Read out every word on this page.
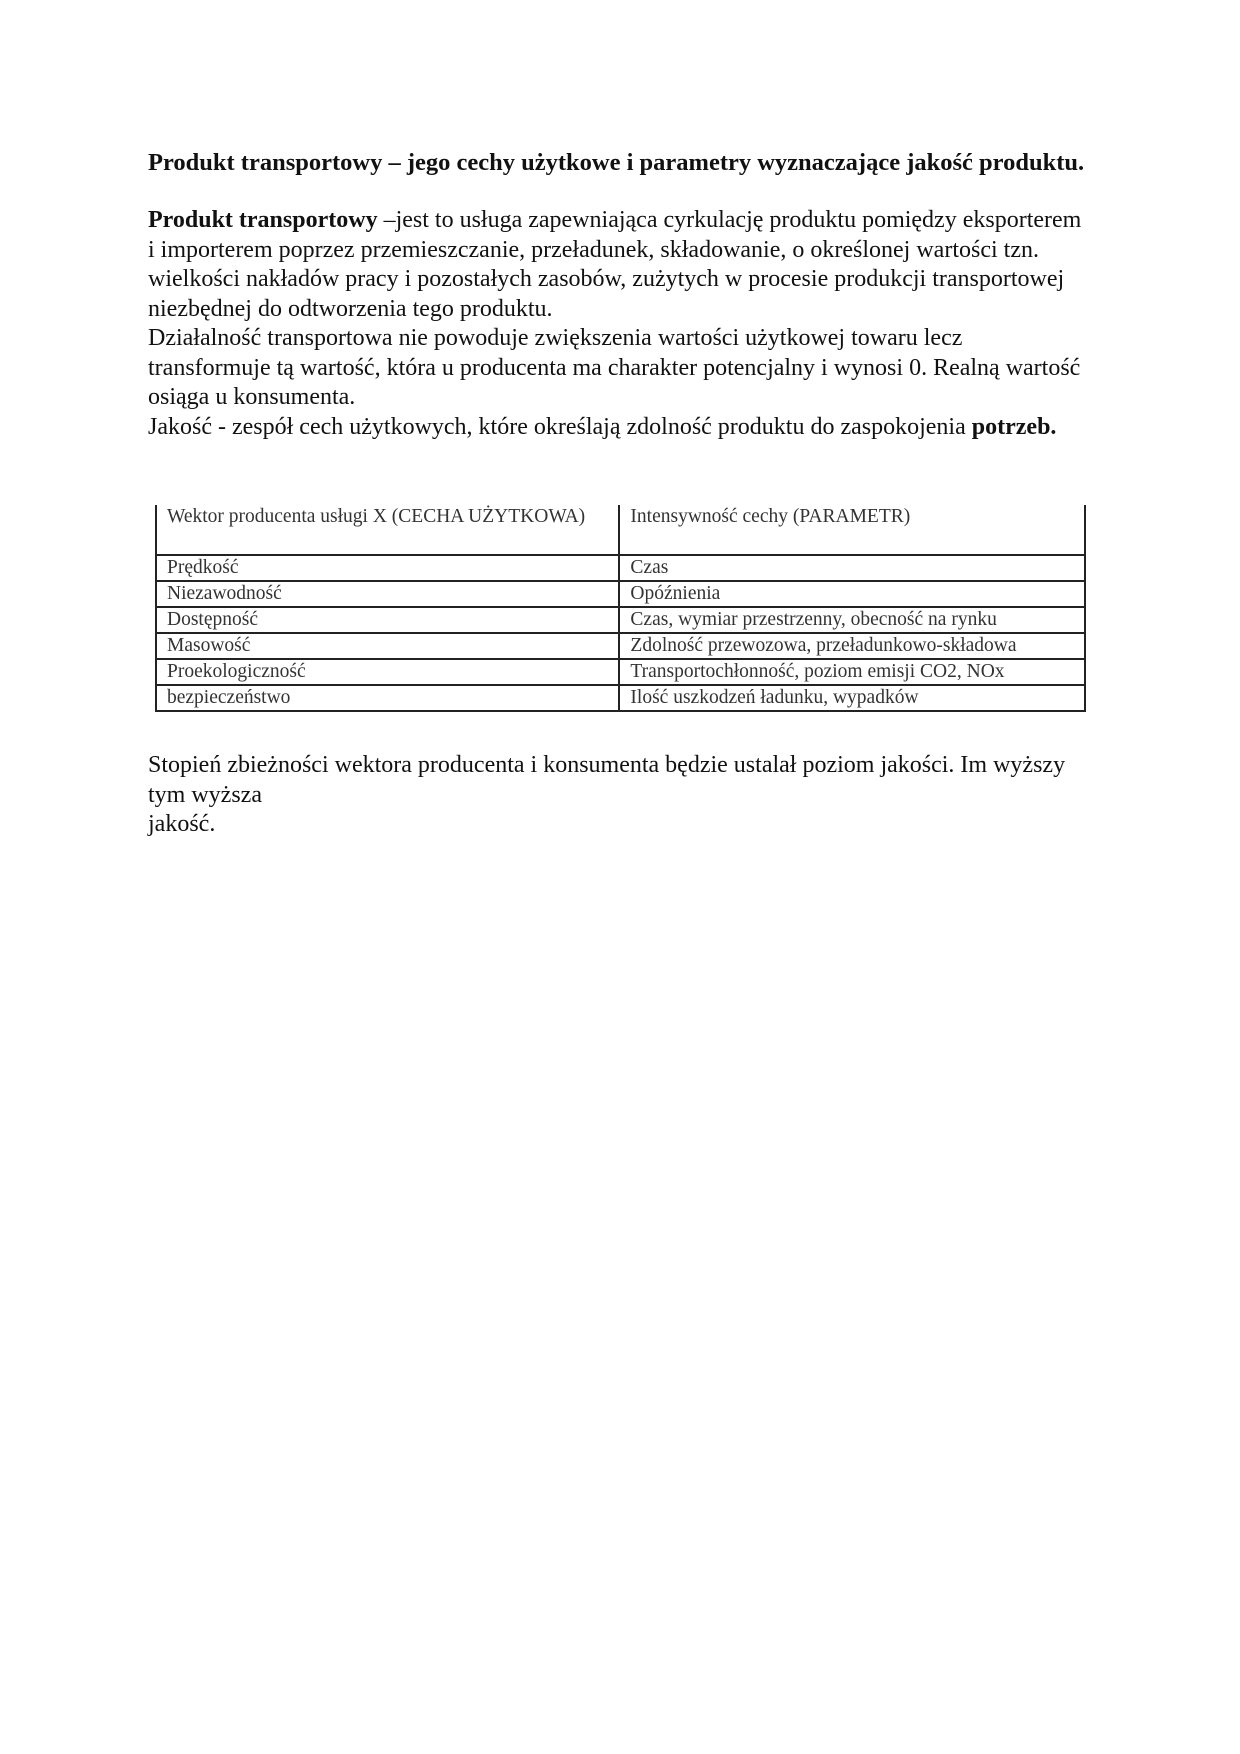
Produkt transportowy – jego cechy użytkowe i parametry wyznaczające jakość produktu.

Produkt transportowy –jest to usługa zapewniająca cyrkulację produktu pomiędzy eksporterem i importerem poprzez przemieszczanie, przeładunek, składowanie, o określonej wartości tzn. wielkości nakładów pracy i pozostałych zasobów, zużytych w procesie produkcji transportowej niezbędnej do odtworzenia tego produktu.

Działalność transportowa nie powoduje zwiększenia wartości użytkowej towaru lecz transformuje tą wartość, która u producenta ma charakter potencjalny i wynosi 0. Realną wartość osiąga u konsumenta.

Jakość - zespół cech użytkowych, które określają zdolność produktu do zaspokojenia potrzeb.

Wektor producenta usługi X (CECHA UŻYTKOWA)	Intensywność cechy (PARAMETR)
Prędkość	Czas
Niezawodność	Opóźnienia
Dostępność	Czas, wymiar przestrzenny, obecność na rynku
Masowość	Zdolność przewozowa, przeładunkowo-składowa
Proekologiczność	Transportochłonność, poziom emisji CO2, NOx
bezpieczeństwo	Ilość uszkodzeń ładunku, wypadków

Stopień zbieżności wektora producenta i konsumenta będzie ustalał poziom jakości. Im wyższy tym wyższa

jakość.
